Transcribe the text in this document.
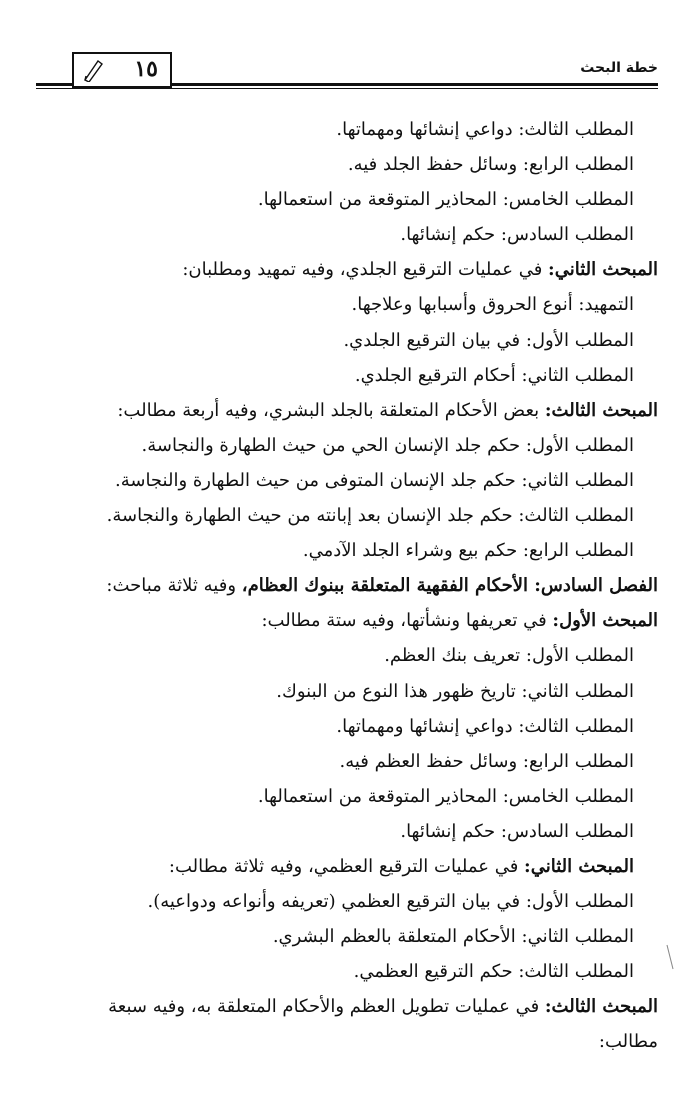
خطة البحث
١٥
المطلب الثالث: دواعي إنشائها ومهماتها.
المطلب الرابع: وسائل حفظ الجلد فيه.
المطلب الخامس: المحاذير المتوقعة من استعمالها.
المطلب السادس: حكم إنشائها.
المبحث الثاني: في عمليات الترقيع الجلدي، وفيه تمهيد ومطلبان:
التمهيد: أنوع الحروق وأسبابها وعلاجها.
المطلب الأول: في بيان الترقيع الجلدي.
المطلب الثاني: أحكام الترقيع الجلدي.
المبحث الثالث: بعض الأحكام المتعلقة بالجلد البشري، وفيه أربعة مطالب:
المطلب الأول: حكم جلد الإنسان الحي من حيث الطهارة والنجاسة.
المطلب الثاني: حكم جلد الإنسان المتوفى من حيث الطهارة والنجاسة.
المطلب الثالث: حكم جلد الإنسان بعد إبانته من حيث الطهارة والنجاسة.
المطلب الرابع: حكم بيع وشراء الجلد الآدمي.
الفصل السادس: الأحكام الفقهية المتعلقة ببنوك العظام، وفيه ثلاثة مباحث:
المبحث الأول: في تعريفها ونشأتها، وفيه ستة مطالب:
المطلب الأول: تعريف بنك العظم.
المطلب الثاني: تاريخ ظهور هذا النوع من البنوك.
المطلب الثالث: دواعي إنشائها ومهماتها.
المطلب الرابع: وسائل حفظ العظم فيه.
المطلب الخامس: المحاذير المتوقعة من استعمالها.
المطلب السادس: حكم إنشائها.
المبحث الثاني: في عمليات الترقيع العظمي، وفيه ثلاثة مطالب:
المطلب الأول: في بيان الترقيع العظمي (تعريفه وأنواعه ودواعيه).
المطلب الثاني: الأحكام المتعلقة بالعظم البشري.
المطلب الثالث: حكم الترقيع العظمي.
المبحث الثالث: في عمليات تطويل العظم والأحكام المتعلقة به، وفيه سبعة
مطالب:
